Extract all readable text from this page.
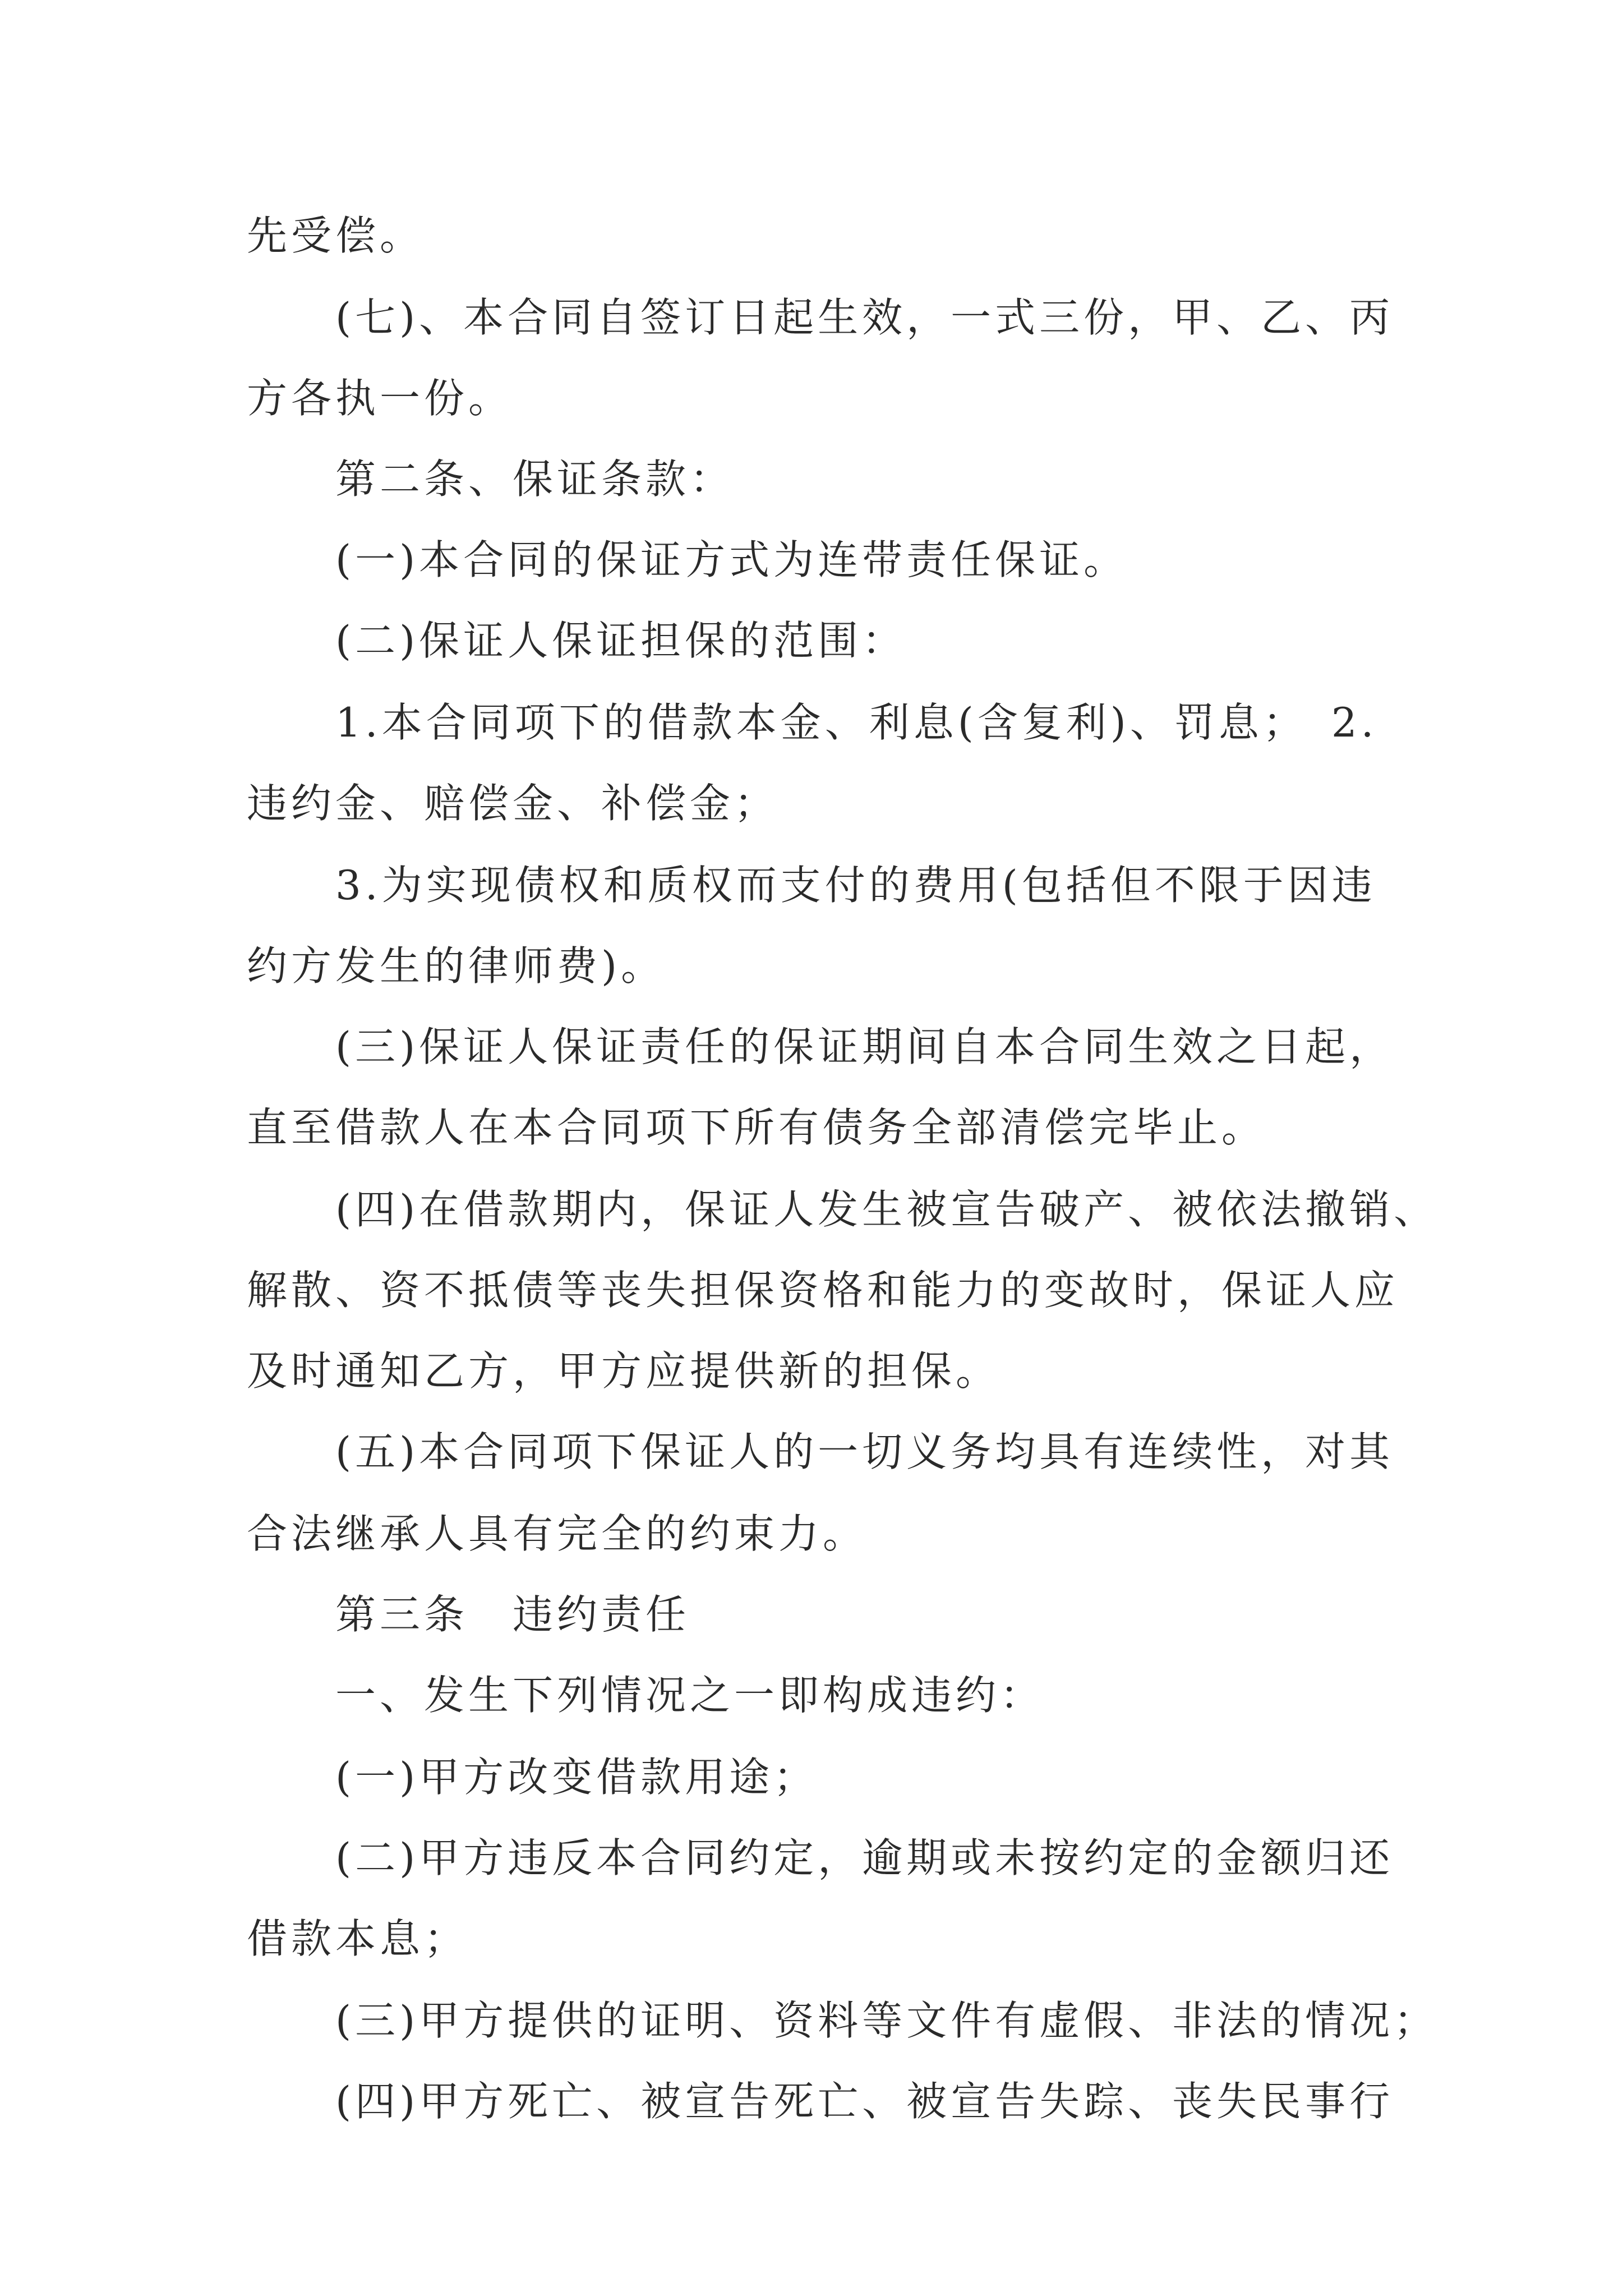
先受偿。
(七)、本合同自签订日起生效，一式三份，甲、乙、丙
方各执一份。
第二条、保证条款：
(一)本合同的保证方式为连带责任保证。
(二)保证人保证担保的范围：
1.本合同项下的借款本金、利息(含复利)、罚息；　2.
违约金、赔偿金、补偿金；
3.为实现债权和质权而支付的费用(包括但不限于因违
约方发生的律师费)。
(三)保证人保证责任的保证期间自本合同生效之日起，
直至借款人在本合同项下所有债务全部清偿完毕止。
(四)在借款期内，保证人发生被宣告破产、被依法撤销、
解散、资不抵债等丧失担保资格和能力的变故时，保证人应
及时通知乙方，甲方应提供新的担保。
(五)本合同项下保证人的一切义务均具有连续性，对其
合法继承人具有完全的约束力。
第三条　违约责任
一、发生下列情况之一即构成违约：
(一)甲方改变借款用途；
(二)甲方违反本合同约定，逾期或未按约定的金额归还
借款本息；
(三)甲方提供的证明、资料等文件有虚假、非法的情况；
(四)甲方死亡、被宣告死亡、被宣告失踪、丧失民事行
